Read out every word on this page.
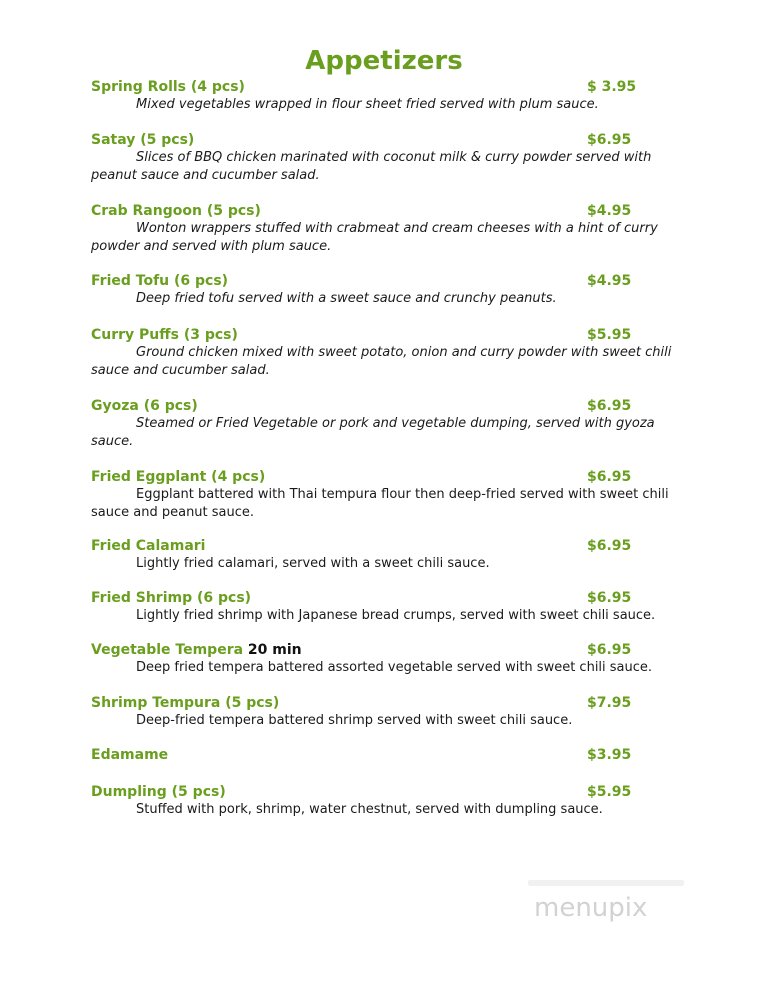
Appetizers
Spring Rolls (4 pcs)	$ 3.95
Mixed vegetables wrapped in flour sheet fried served with plum sauce.
Satay (5 pcs)	$6.95
Slices of BBQ chicken marinated with coconut milk & curry powder served with peanut sauce and cucumber salad.
Crab Rangoon (5 pcs)	$4.95
Wonton wrappers stuffed with crabmeat and cream cheeses with a hint of curry powder and served with plum sauce.
Fried Tofu (6 pcs)	$4.95
Deep fried tofu served with a sweet sauce and crunchy peanuts.
Curry Puffs (3 pcs)	$5.95
Ground chicken mixed with sweet potato, onion and curry powder with sweet chili sauce and cucumber salad.
Gyoza (6 pcs)	$6.95
Steamed or Fried Vegetable or pork and vegetable dumping, served with gyoza sauce.
Fried Eggplant (4 pcs)	$6.95
Eggplant battered with Thai tempura flour then deep-fried served with sweet chili sauce and peanut sauce.
Fried Calamari	$6.95
Lightly fried calamari, served with a sweet chili sauce.
Fried Shrimp (6 pcs)	$6.95
Lightly fried shrimp with Japanese bread crumps, served with sweet chili sauce.
Vegetable Tempera 20 min	$6.95
Deep fried tempera battered assorted vegetable served with sweet chili sauce.
Shrimp Tempura (5 pcs)	$7.95
Deep-fried tempera battered shrimp served with sweet chili sauce.
Edamame	$3.95
Dumpling (5 pcs)	$5.95
Stuffed with pork, shrimp, water chestnut, served with dumpling sauce.
menupix
